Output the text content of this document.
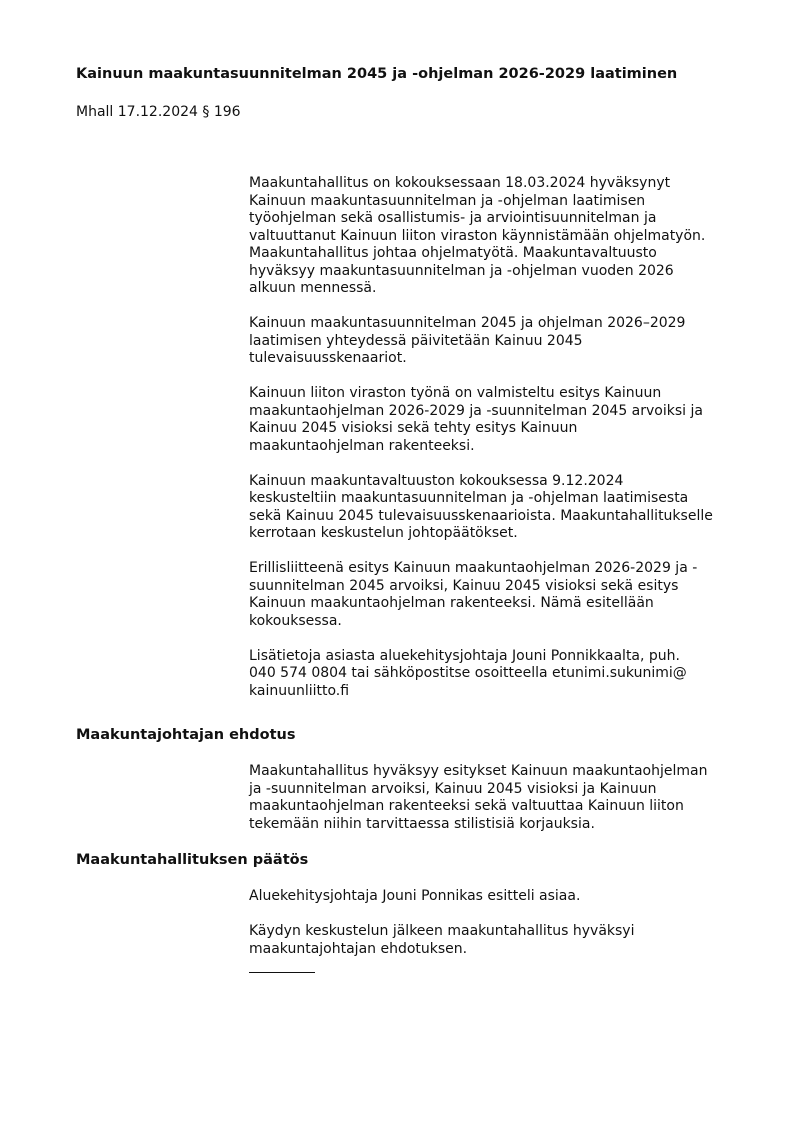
Kainuun maakuntasuunnitelman 2045 ja -ohjelman 2026-2029 laatiminen
Mhall 17.12.2024 § 196

Maakuntahallitus on kokouksessaan 18.03.2024 hyväksynyt
Kainuun maakuntasuunnitelman ja -ohjelman laatimisen
työohjelman sekä osallistumis- ja arviointisuunnitelman ja
valtuuttanut Kainuun liiton viraston käynnistämään ohjelmatyön.
Maakuntahallitus johtaa ohjelmatyötä. Maakuntavaltuusto
hyväksyy maakuntasuunnitelman ja -ohjelman vuoden 2026
alkuun mennessä.

Kainuun maakuntasuunnitelman 2045 ja ohjelman 2026–2029
laatimisen yhteydessä päivitetään Kainuu 2045
tulevaisuusskenaariot.

Kainuun liiton viraston työnä on valmisteltu esitys Kainuun
maakuntaohjelman 2026-2029 ja -suunnitelman 2045 arvoiksi ja
Kainuu 2045 visioksi sekä tehty esitys Kainuun
maakuntaohjelman rakenteeksi.

Kainuun maakuntavaltuuston kokouksessa 9.12.2024
keskusteltiin maakuntasuunnitelman ja -ohjelman laatimisesta
sekä Kainuu 2045 tulevaisuusskenaarioista. Maakuntahallitukselle
kerrotaan keskustelun johtopäätökset.

Erillisliitteenä esitys Kainuun maakuntaohjelman 2026-2029 ja -
suunnitelman 2045 arvoiksi, Kainuu 2045 visioksi sekä esitys
Kainuun maakuntaohjelman rakenteeksi. Nämä esitellään
kokouksessa.

Lisätietoja asiasta aluekehitysjohtaja Jouni Ponnikkaalta, puh.
040 574 0804 tai sähköpostitse osoitteella etunimi.sukunimi@
kainuunliitto.fi

Maakuntajohtajan ehdotus

Maakuntahallitus hyväksyy esitykset Kainuun maakuntaohjelman
ja -suunnitelman arvoiksi, Kainuu 2045 visioksi ja Kainuun
maakuntaohjelman rakenteeksi sekä valtuuttaa Kainuun liiton
tekemään niihin tarvittaessa stilistisiä korjauksia.

Maakuntahallituksen päätös

Aluekehitysjohtaja Jouni Ponnikas esitteli asiaa.

Käydyn keskustelun jälkeen maakuntahallitus hyväksyi
maakuntajohtajan ehdotuksen.
